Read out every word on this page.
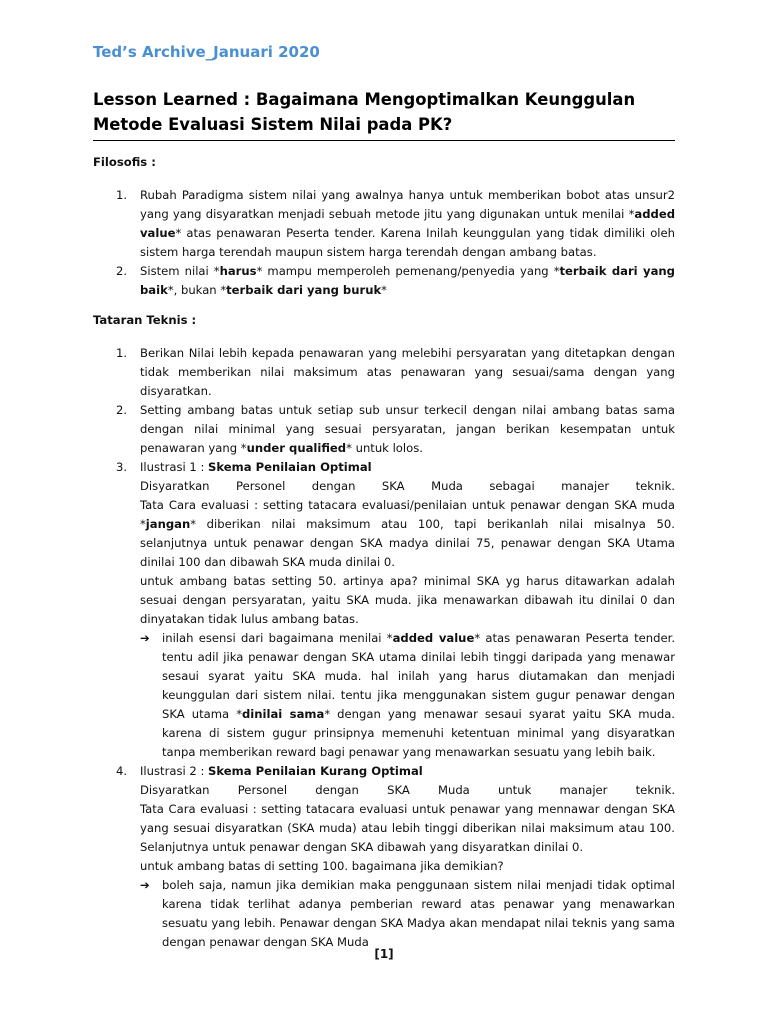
Ted’s Archive_Januari 2020
Lesson Learned : Bagaimana Mengoptimalkan Keunggulan Metode Evaluasi Sistem Nilai pada PK?

Filosofis :

1. Rubah Paradigma sistem nilai yang awalnya hanya untuk memberikan bobot atas unsur2 yang yang disyaratkan menjadi sebuah metode jitu yang digunakan untuk menilai *added value* atas penawaran Peserta tender. Karena Inilah keunggulan yang tidak dimiliki oleh sistem harga terendah maupun sistem harga terendah dengan ambang batas.
2. Sistem nilai *harus* mampu memperoleh pemenang/penyedia yang *terbaik dari yang baik*, bukan *terbaik dari yang buruk*

Tataran Teknis :

1. Berikan Nilai lebih kepada penawaran yang melebihi persyaratan yang ditetapkan dengan tidak memberikan nilai maksimum atas penawaran yang sesuai/sama dengan yang disyaratkan.
2. Setting ambang batas untuk setiap sub unsur terkecil dengan nilai ambang batas sama dengan nilai minimal yang sesuai persyaratan, jangan berikan kesempatan untuk penawaran yang *under qualified* untuk lolos.
3. Ilustrasi 1 : Skema Penilaian Optimal

Disyaratkan Personel dengan SKA Muda sebagai manajer teknik.

Tata Cara evaluasi : setting tatacara evaluasi/penilaian untuk penawar dengan SKA muda *jangan* diberikan nilai maksimum atau 100, tapi berikanlah nilai misalnya 50. selanjutnya untuk penawar dengan SKA madya dinilai 75, penawar dengan SKA Utama dinilai 100 dan dibawah SKA muda dinilai 0.

untuk ambang batas setting 50. artinya apa? minimal SKA yg harus ditawarkan adalah sesuai dengan persyaratan, yaitu SKA muda. jika menawarkan dibawah itu dinilai 0 dan dinyatakan tidak lulus ambang batas.

➔ inilah esensi dari bagaimana menilai *added value* atas penawaran Peserta tender. tentu adil jika penawar dengan SKA utama dinilai lebih tinggi daripada yang menawar sesaui syarat yaitu SKA muda. hal inilah yang harus diutamakan dan menjadi keunggulan dari sistem nilai. tentu jika menggunakan sistem gugur penawar dengan SKA utama *dinilai sama* dengan yang menawar sesaui syarat yaitu SKA muda. karena di sistem gugur prinsipnya memenuhi ketentuan minimal yang disyaratkan tanpa memberikan reward bagi penawar yang menawarkan sesuatu yang lebih baik.
4. Ilustrasi 2 : Skema Penilaian Kurang Optimal

Disyaratkan Personel dengan SKA Muda untuk manajer teknik.

Tata Cara evaluasi : setting tatacara evaluasi untuk penawar yang mennawar dengan SKA yang sesuai disyaratkan (SKA muda) atau lebih tinggi diberikan nilai maksimum atau 100. Selanjutnya untuk penawar dengan SKA dibawah yang disyaratkan dinilai 0.

untuk ambang batas di setting 100. bagaimana jika demikian?

➔ boleh saja, namun jika demikian maka penggunaan sistem nilai menjadi tidak optimal karena tidak terlihat adanya pemberian reward atas penawar yang menawarkan sesuatu yang lebih. Penawar dengan SKA Madya akan mendapat nilai teknis yang sama dengan penawar dengan SKA Muda
[1]
